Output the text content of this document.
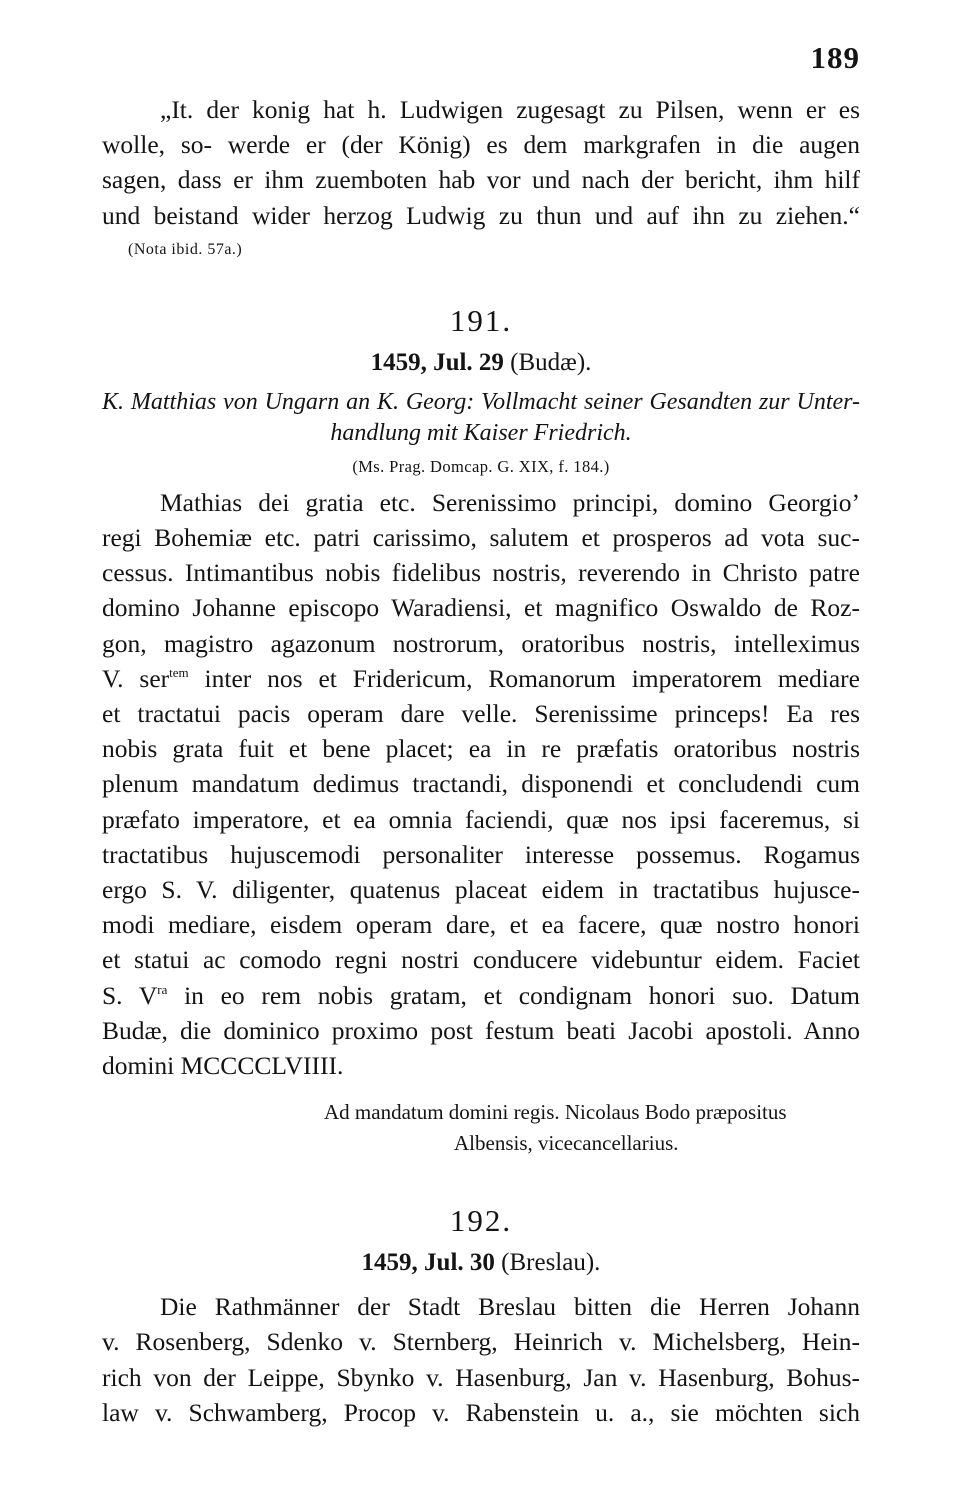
189

„It. der konig hat h. Ludwigen zugesagt zu Pilsen, wenn er es
wolle, so- werde er (der König) es dem markgrafen in die augen
sagen, dass er ihm zuemboten hab vor und nach der bericht, ihm hilf
und beistand wider herzog Ludwig zu thun und auf ihn zu ziehen.“

(Nota ibid. 57a.)
191.
1459, Jul. 29 (Budæ).
K. Matthias von Ungarn an K. Georg: Vollmacht seiner Gesandten zur Unter-
handlung mit Kaiser Friedrich.
(Ms. Prag. Domcap. G. XIX, f. 184.)

Mathias dei gratia etc. Serenissimo principi, domino Georgio’
regi Bohemiæ etc. patri carissimo, salutem et prosperos ad vota suc-
cessus. Intimantibus nobis fidelibus nostris, reverendo in Christo patre
domino Johanne episcopo Waradiensi, et magnifico Oswaldo de Roz-
gon, magistro agazonum nostrorum, oratoribus nostris, intelleximus
V. ser$^{tem}$ inter nos et Fridericum, Romanorum imperatorem mediare
et tractatui pacis operam dare velle. Serenissime princeps! Ea res
nobis grata fuit et bene placet; ea in re præfatis oratoribus nostris
plenum mandatum dedimus tractandi, disponendi et concludendi cum
præfato imperatore, et ea omnia faciendi, quæ nos ipsi faceremus, si
tractatibus hujuscemodi personaliter interesse possemus. Rogamus
ergo S. V. diligenter, quatenus placeat eidem in tractatibus hujusce-
modi mediare, eisdem operam dare, et ea facere, quæ nostro honori
et statui ac comodo regni nostri conducere videbuntur eidem. Faciet
S. $V^{ra}$ in eo rem nobis gratam, et condignam honori suo. Datum
Budæ, die dominico proximo post festum beati Jacobi apostoli. Anno
domini MCCCCLVIIII.

Ad mandatum domini regis. Nicolaus Bodo præpositus
Albensis, vicecancellarius.
192.
1459, Jul. 30 (Breslau).

Die Rathmänner der Stadt Breslau bitten die Herren Johann
v. Rosenberg, Sdenko v. Sternberg, Heinrich v. Michelsberg, Hein-
rich von der Leippe, Sbynko v. Hasenburg, Jan v. Hasenburg, Bohus-
law v. Schwamberg, Procop v. Rabenstein u. a., sie möchten sich
